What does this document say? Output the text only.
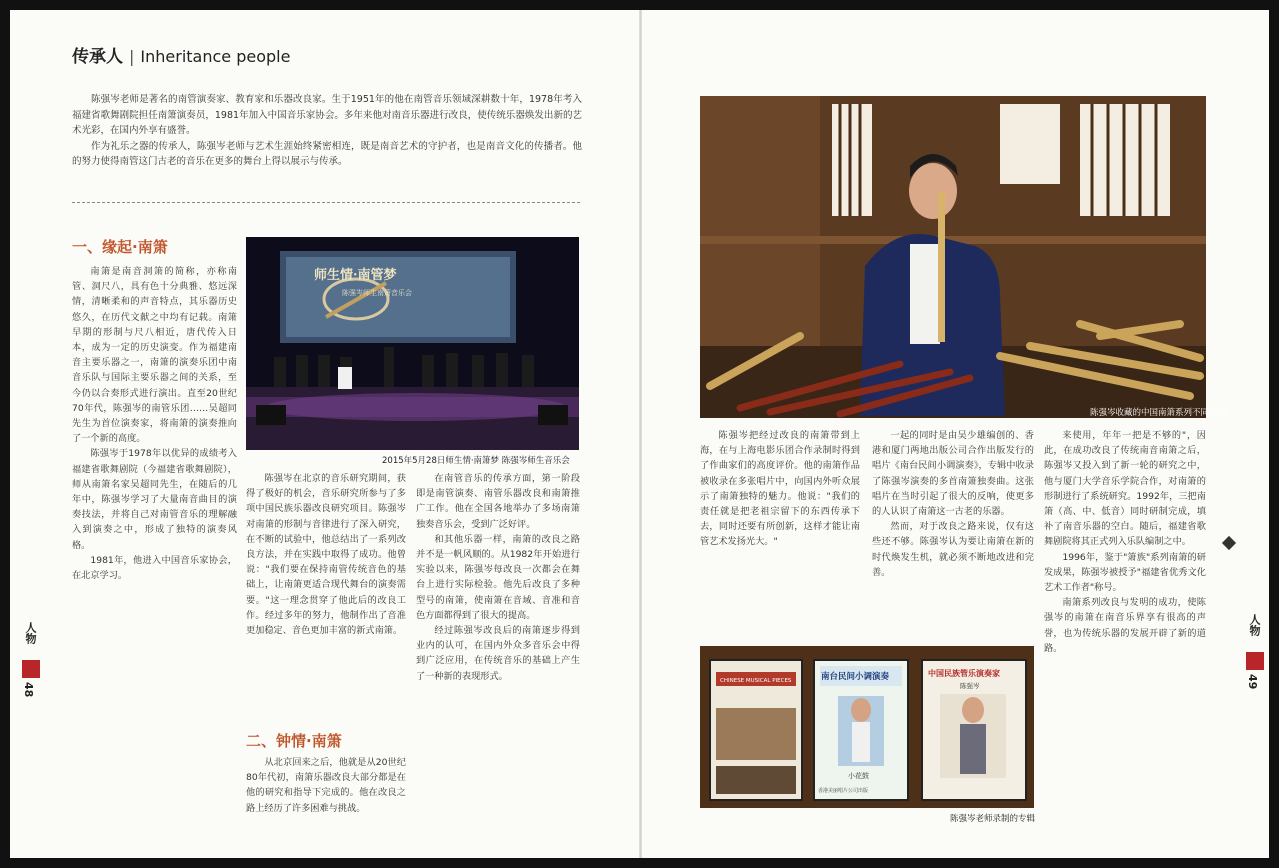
传承人 | Inheritance people

陈强岑老师是著名的南管演奏家、教育家和乐器改良家。生于1951年的他在南管音乐领域深耕数十年，1978年考入福建省歌舞剧院担任南箫演奏员，1981年加入中国音乐家协会。多年来他对南音乐器进行改良，使传统乐器焕发出新的艺术光彩，在国内外享有盛誉。

作为礼乐之器的传承人，陈强岑老师与艺术生涯始终紧密相连，既是南音艺术的守护者，也是南音文化的传播者。他的努力使得南管这门古老的音乐在更多的舞台上得以展示与传承。

一、缘起·南箫

南箫是南音洞箫的简称，亦称南管、洞尺八，具有色十分典雅、悠远深情，清晰柔和的声音特点，其乐器历史悠久，在历代文献之中均有记载。南箫早期的形制与尺八相近，唐代传入日本，成为一定的历史演变。作为福建南音主要乐器之一，南箫的演奏乐团中南音乐队与国际主要乐器之间的关系，至今仍以合奏形式进行演出。直至20世纪70年代，陈强岑的南管乐团……吴超同先生为首位演奏家，将南箫的演奏推向了一个新的高度。

陈强岑于1978年以优异的成绩考入福建省歌舞剧院（今福建省歌舞剧院），师从南箫名家吴超同先生，在随后的几年中，陈强岑学习了大量南音曲目的演奏技法，并将自己对南管音乐的理解融入到演奏之中，形成了独特的演奏风格。

1981年，他进入中国音乐家协会，在北京学习。

师生情·南管梦
陈强岑师生南箫音乐会
2015年5月28日师生情·南箫梦 陈强岑师生音乐会

陈强岑在北京的音乐研究期间，获得了极好的机会，音乐研究所参与了多项中国民族乐器改良研究项目。陈强岑对南箫的形制与音律进行了深入研究，在不断的试验中，他总结出了一系列改良方法，并在实践中取得了成功。他曾说："我们要在保持南管传统音色的基础上，让南箫更适合现代舞台的演奏需要。"这一理念贯穿了他此后的改良工作。经过多年的努力，他制作出了音准更加稳定、音色更加丰富的新式南箫。

二、钟情·南箫

从北京回来之后，他就是从20世纪80年代初，南箫乐器改良大部分都是在他的研究和指导下完成的。他在改良之路上经历了许多困难与挑战。

在南管音乐的传承方面，第一阶段即是南管演奏、南管乐器改良和南箫推广工作。他在全国各地举办了多场南箫独奏音乐会，受到广泛好评。

和其他乐器一样，南箫的改良之路并不是一帆风顺的。从1982年开始进行实验以来，陈强岑每改良一次都会在舞台上进行实际检验。他先后改良了多种型号的南箫，使南箫在音域、音准和音色方面都得到了很大的提高。

经过陈强岑改良后的南箫逐步得到业内的认可，在国内外众多音乐会中得到广泛应用，在传统音乐的基础上产生了一种新的表现形式。

人物
48
陈强岑收藏的中国南箫系列不同南箫

陈强岑把经过改良的南箫带到上海，在与上海电影乐团合作录制时得到了作曲家们的高度评价。他的南箫作品被收录在多张唱片中，向国内外听众展示了南箫独特的魅力。他说："我们的责任就是把老祖宗留下的东西传承下去，同时还要有所创新，这样才能让南管艺术发扬光大。"

一起的同时是由吴少雄编创的、香港和厦门两地出版公司合作出版发行的唱片《南台民间小调演奏》，专辑中收录了陈强岑演奏的多首南箫独奏曲。这张唱片在当时引起了很大的反响，使更多的人认识了南箫这一古老的乐器。

然而，对于改良之路来说，仅有这些还不够。陈强岑认为要让南箫在新的时代焕发生机，就必须不断地改进和完善。

来使用，年年一把是不够的"，因此，在成功改良了传统南音南箫之后，陈强岑又投入到了新一轮的研究之中，他与厦门大学音乐学院合作，对南箫的形制进行了系统研究。1992年，三把南箫（高、中、低音）同时研制完成，填补了南音乐器的空白。随后，福建省歌舞剧院将其正式列入乐队编制之中。

1996年，鉴于"箫族"系列南箫的研发成果，陈强岑被授予"福建省优秀文化艺术工作者"称号。

南箫系列改良与发明的成功，使陈强岑的南箫在南音乐界享有很高的声誉，也为传统乐器的发展开辟了新的道路。

CHINESE MUSICAL PIECES	南台民间小调演奏
小花鼓
香港美丽唱片公司出版
中国民族管乐演奏家
陈强岑
陈强岑老师录制的专辑
人物
49
